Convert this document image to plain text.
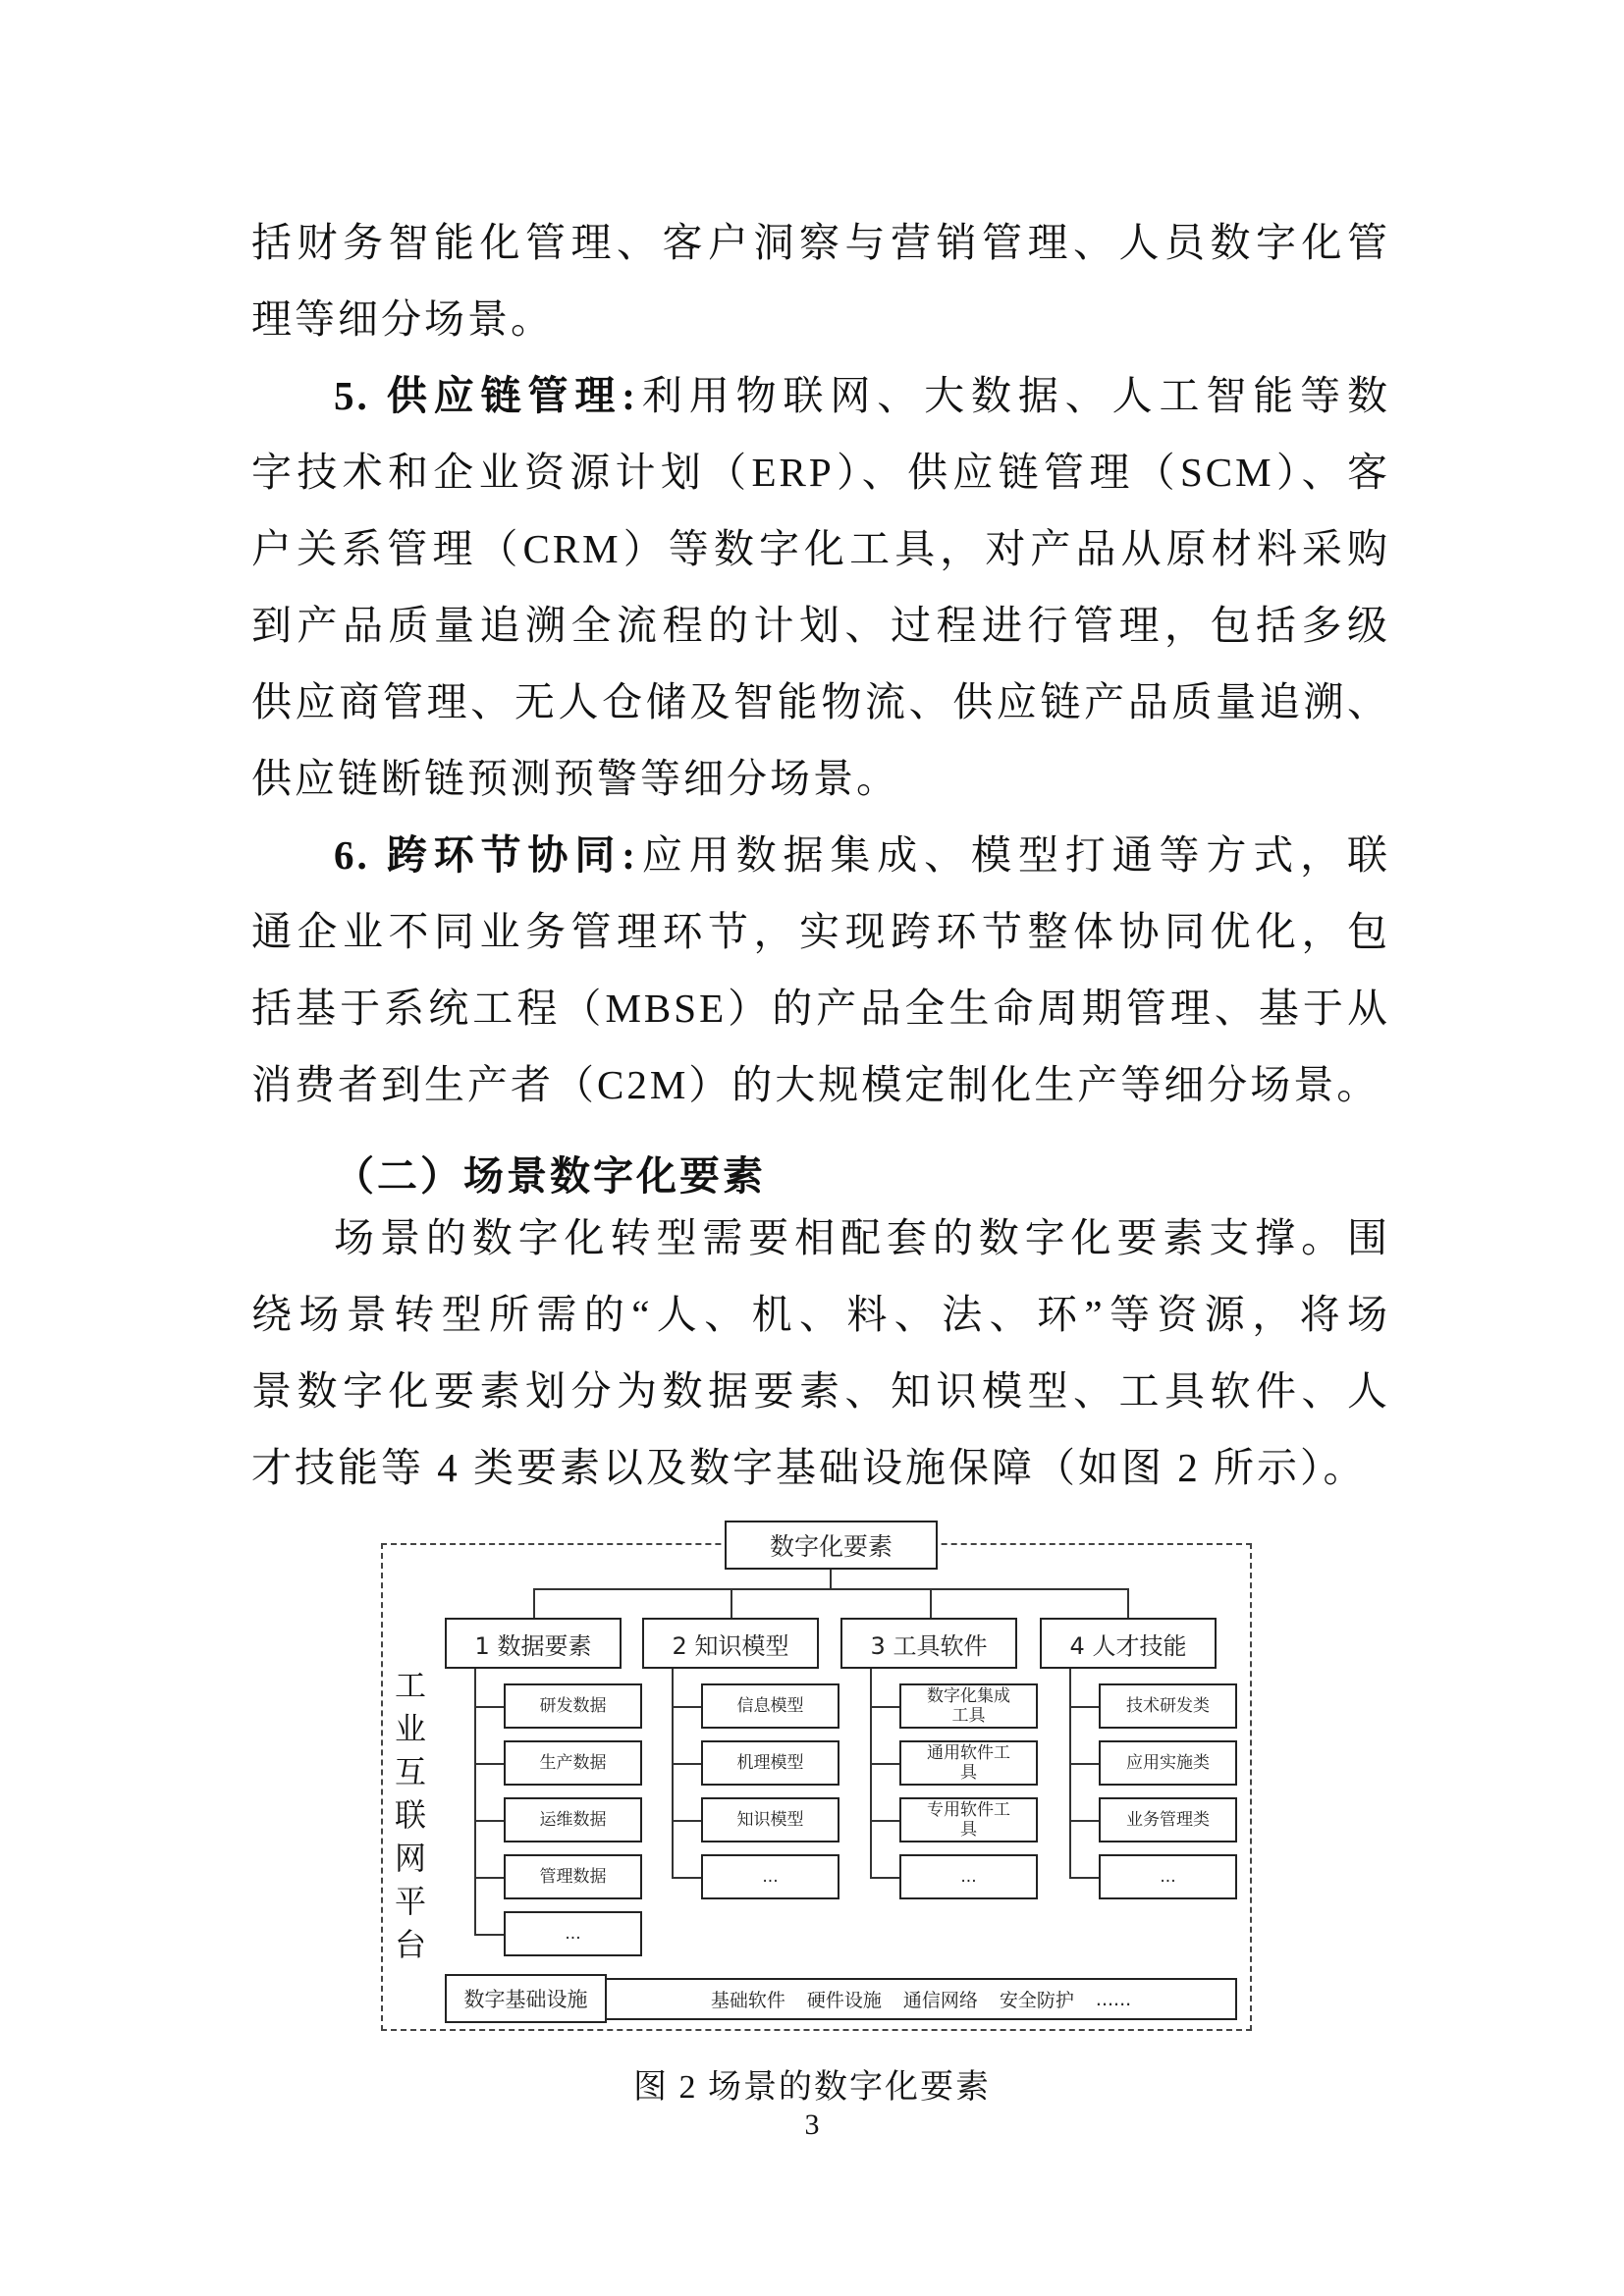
括财务智能化管理、客户洞察与营销管理、人员数字化管
理等细分场景。
5. 供应链管理:利用物联网、大数据、人工智能等数
字技术和企业资源计划（ERP）、供应链管理（SCM）、客
户关系管理（CRM）等数字化工具，对产品从原材料采购
到产品质量追溯全流程的计划、过程进行管理，包括多级
供应商管理、无人仓储及智能物流、供应链产品质量追溯、
供应链断链预测预警等细分场景。
6. 跨环节协同:应用数据集成、模型打通等方式，联
通企业不同业务管理环节，实现跨环节整体协同优化，包
括基于系统工程（MBSE）的产品全生命周期管理、基于从
消费者到生产者（C2M）的大规模定制化生产等细分场景。
（二）场景数字化要素
场景的数字化转型需要相配套的数字化要素支撑。围
绕场景转型所需的“人、机、料、法、环”等资源，将场
景数字化要素划分为数据要素、知识模型、工具软件、人
才技能等 4 类要素以及数字基础设施保障（如图 2 所示）。
工
业
互
联
网
平
台
数字化要素
1 数据要素
研发数据
生产数据
运维数据
管理数据
...
2 知识模型
信息模型
机理模型
知识模型
...
3 工具软件
数字化集成工具
通用软件工具
专用软件工具
...
4 人才技能
技术研发类
应用实施类
业务管理类
...
基础软件 硬件设施 通信网络 安全防护 ......
数字基础设施
图 2 场景的数字化要素
3
